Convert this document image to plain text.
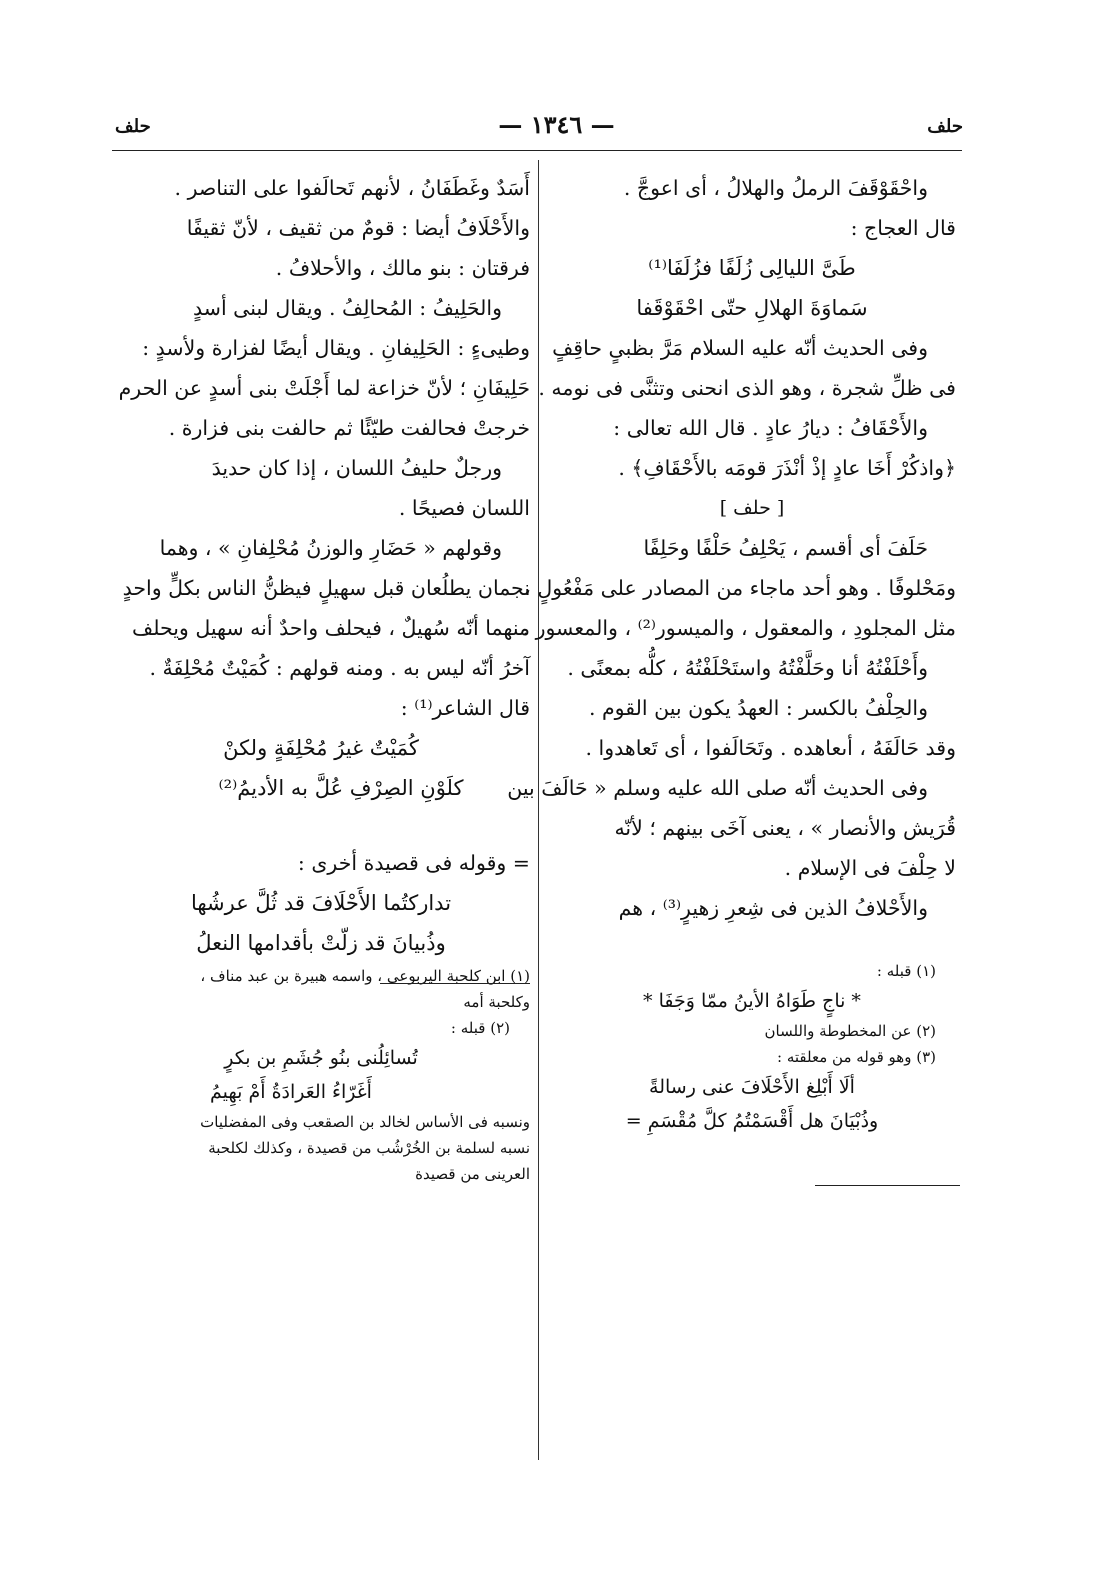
حلف
— ١٣٤٦ —
حلف
واحْقَوْقَفَ الرملُ والهلالُ ، أى اعوجَّ .
قال العجاج :
طَىَّ الليالِى زُلَفًا فزُلَفَا⁽¹⁾
سَماوَةَ الهلالِ حتّى احْقَوْقَفا
وفى الحديث أنّه عليه السلام مَرَّ بظبىٍ حاقِفٍ
فى ظلِّ شجرة ، وهو الذى انحنى وتثنَّى فى نومه .
والأَحْقَافُ : ديارُ عادٍ . قال الله تعالى :
﴿واذكُرْ أَخَا عادٍ إذْ أنْذَرَ قومَه بالأَحْقَافِ﴾ .
[ حلف ]
حَلَفَ أى أقسم ، يَحْلِفُ حَلْفًا وحَلِفًا
ومَحْلوفًا . وهو أحد ماجاء من المصادر على مَفْعُولٍ ،
مثل المجلودِ ، والمعقول ، والميسور⁽²⁾ ، والمعسور .
وأَحْلَفْتُهُ أنا وحَلَّفْتُهُ واستَحْلَفْتُهُ ، كلُّه بمعنًى .
والحِلْفُ بالكسر : العهدُ يكون بين القوم .
وقد حَالَفَهُ ، أىعاهده . وتَحَالَفوا ، أى تَعاهدوا .
وفى الحديث أنّه صلى الله عليه وسلم « حَالَفَ بين
قُرَيش والأنصار » ، يعنى آخَى بينهم ؛ لأنّه
لا حِلْفَ فى الإسلام .
والأَحْلافُ الذين فى شِعرِ زهيرٍ⁽³⁾ ، هم
(١) قبله :
* ناجٍ طَوَاهُ الأينُ ممّا وَجَفَا *
(٢) عن المخطوطة واللسان
(٣) وهو قوله من معلقته :
ألَا أَبْلِغ الأَحْلَافَ عنى رسالةً
وذُبْيَانَ هل أَقْسَمْتُمُ كلَّ مُقْسَمِ =
أَسَدٌ وغَطَفَانُ ، لأنهم تَحالَفوا على التناصر .
والأَحْلَافُ أيضا : قومٌ من ثقيف ، لأنّ ثقيفًا
فرقتان : بنو مالك ، والأحلافُ .
والحَلِيفُ : المُحالِفُ . ويقال لبنى أسدٍ
وطيىءٍ : الحَلِيفانِ . ويقال أيضًا لفزارة ولأسدٍ :
حَلِيفَانِ ؛ لأنّ خزاعة لما أَجْلَتْ بنى أسدٍ عن الحرم
خرجتْ فحالفت طيّئًا ثم حالفت بنى فزارة .
ورجلٌ حليفُ اللسان ، إذا كان حديدَ
اللسان فصيحًا .
وقولهم « حَضَارِ والوزنُ مُحْلِفانِ » ، وهما
نجمان يطلُعان قبل سهيلٍ فيظنُّ الناس بكلٍّ واحدٍ
منهما أنّه سُهيلٌ ، فيحلف واحدٌ أنه سهيل ويحلف
آخرُ أنّه ليس به . ومنه قولهم : كُمَيْتٌ مُحْلِفَةٌ .
قال الشاعر⁽¹⁾ :
كُمَيْتٌ غيرُ مُحْلِفَةٍ ولكنْ
كلَوْنِ الصِرْفِ عُلَّ به الأديمُ⁽²⁾
= وقوله فى قصيدة أخرى :
تداركتُما الأَحْلَافَ قد ثُلَّ عرشُها
وذُبيانَ قد زلّتْ بأقدامها النعلُ
(١) ابن كلحبة اليربوعى ، واسمه هبيرة بن عبد مناف ،
وكلحبة أمه
(٢) قبله :
تُسائِلُنى بنُو جُشَمِ بن بكرٍ
أَغَرّاءُ العَرادَةُ أَمْ بَهِيمُ
ونسبه فى الأساس لخالد بن الصقعب وفى المفضليات
نسبه لسلمة بن الخُرْشُب من قصيدة ، وكذلك لكلحبة
العرينى من قصيدة
